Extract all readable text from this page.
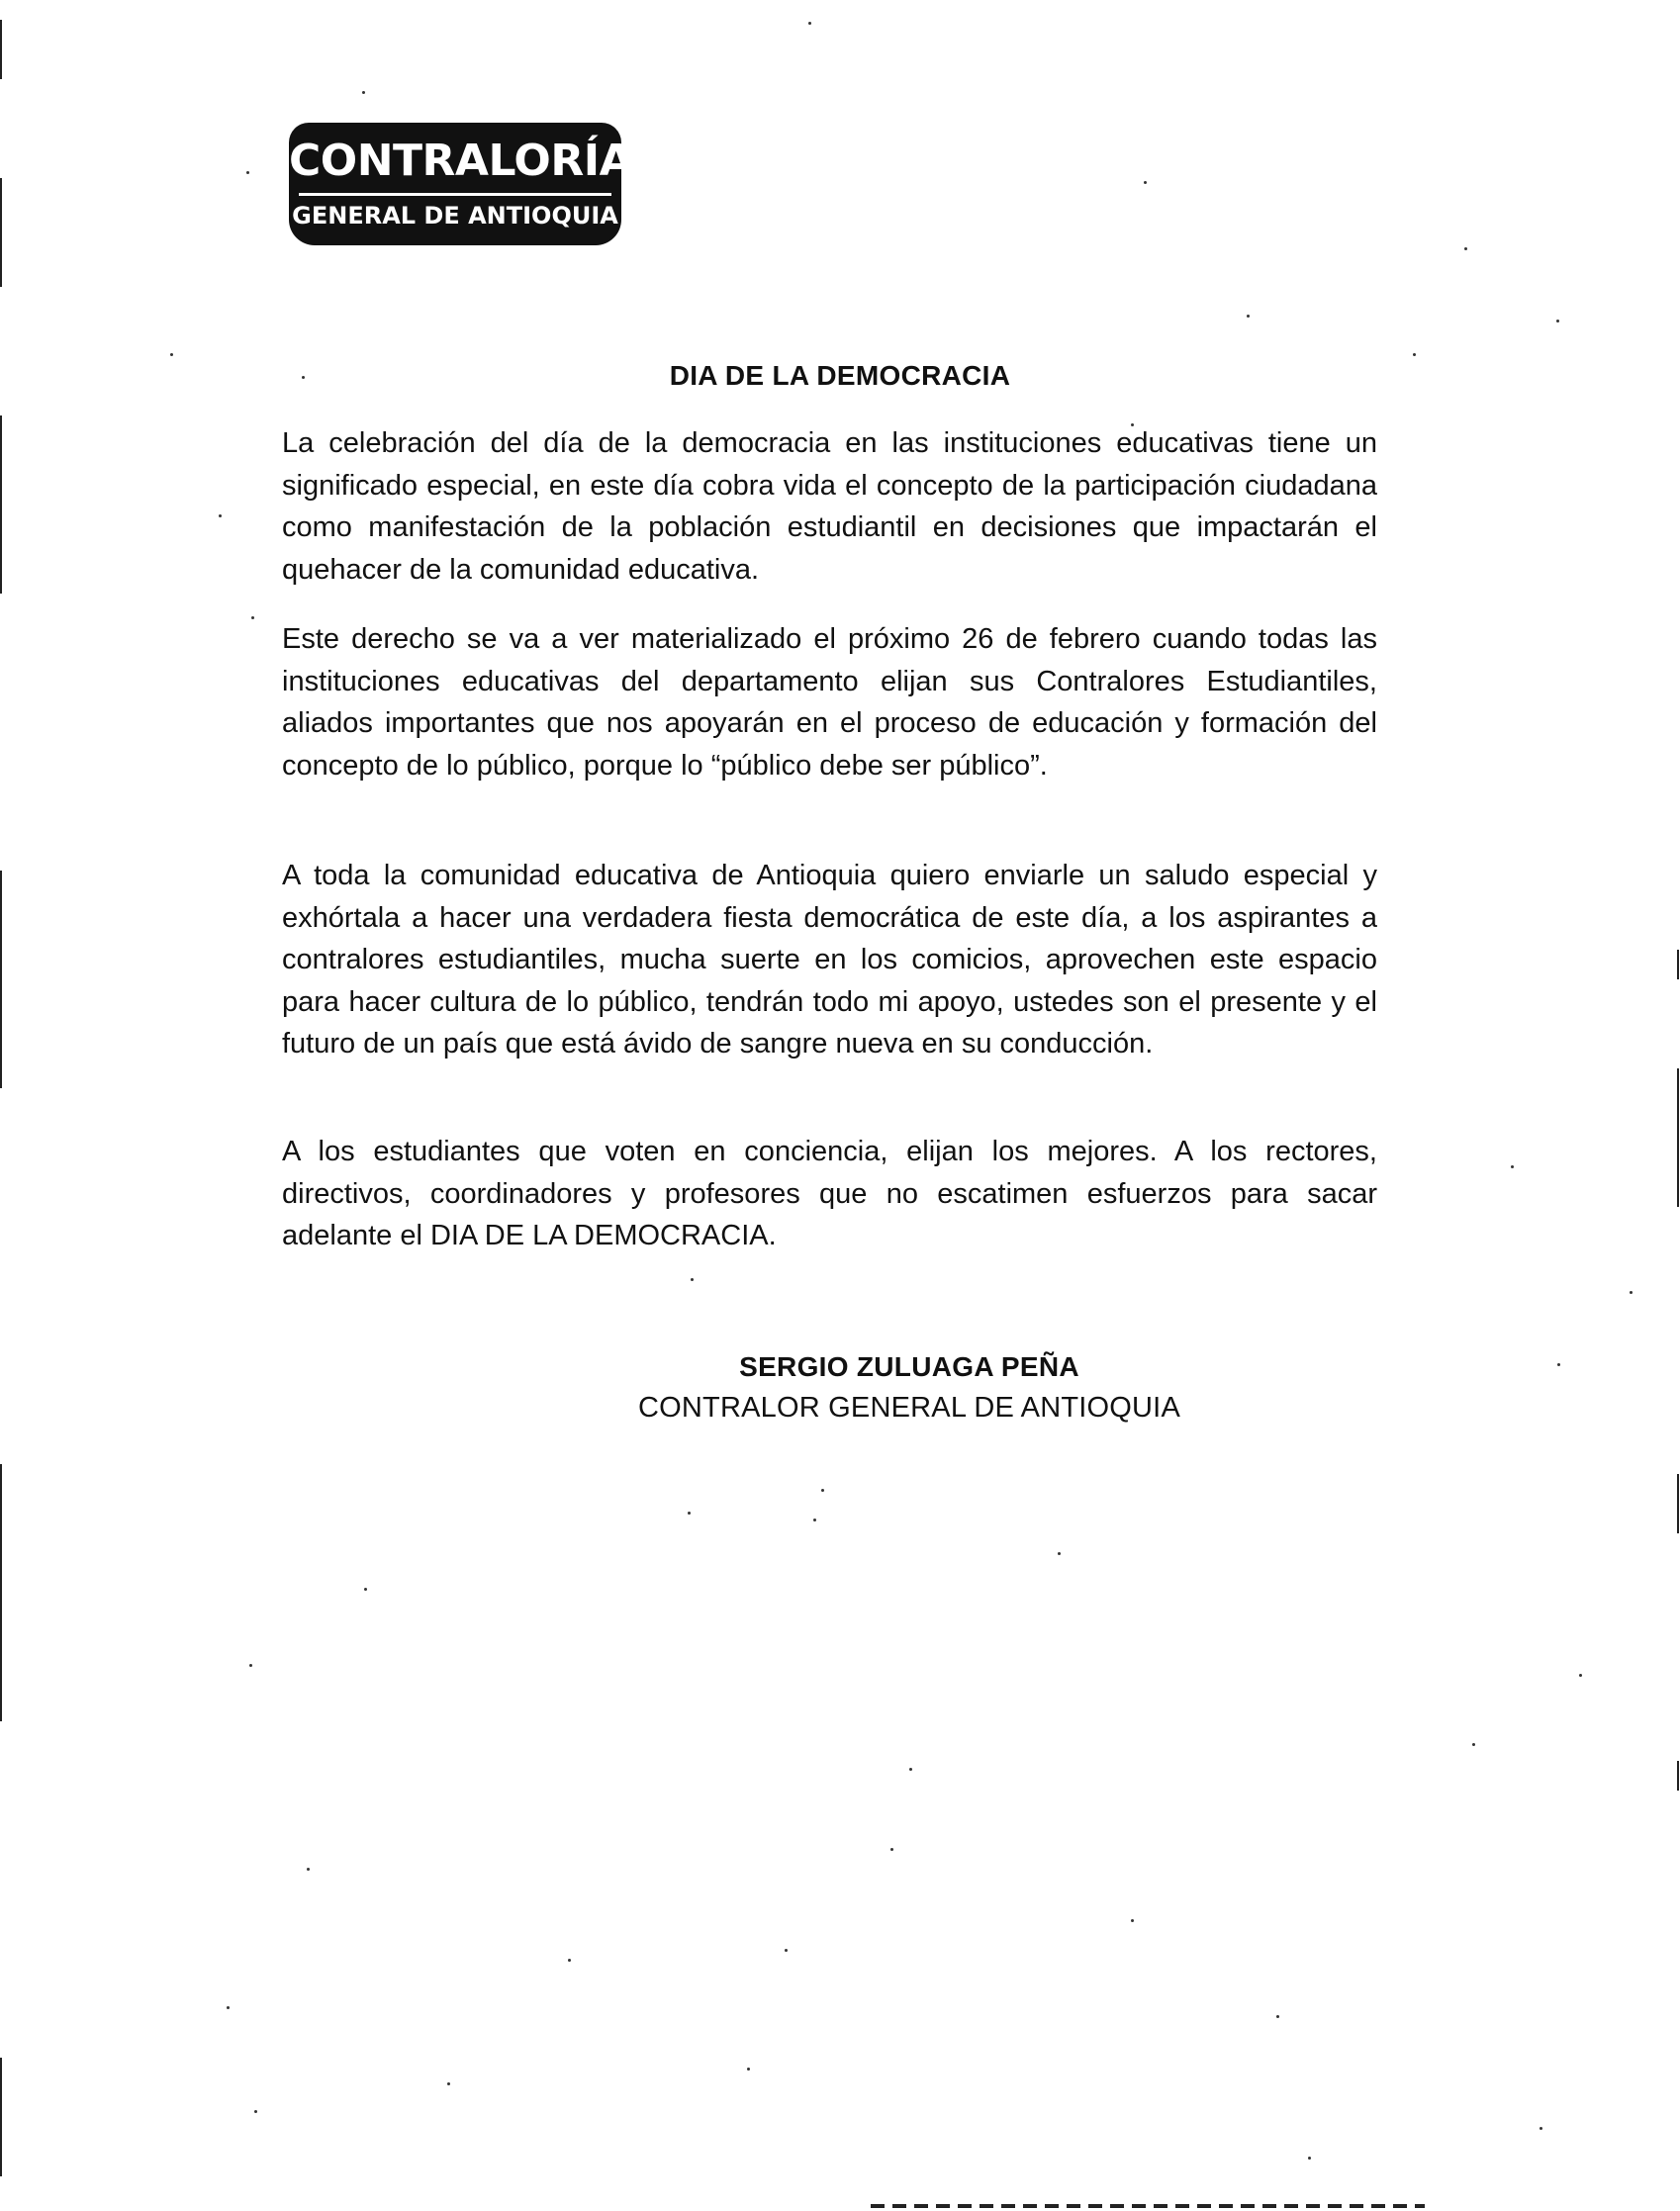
CONTRALORÍA
GENERAL DE ANTIOQUIA
DIA DE LA DEMOCRACIA

La celebración del día de la democracia en las instituciones educativas tiene un significado especial, en este día cobra vida el concepto de la participación ciudadana como manifestación de la población estudiantil en decisiones que impactarán el quehacer de la comunidad educativa.

Este derecho se va a ver materializado el próximo 26 de febrero cuando todas las instituciones educativas del departamento elijan sus Contralores Estudiantiles, aliados importantes que nos apoyarán en el proceso de educación y formación del concepto de lo público, porque lo “público debe ser público”.

A toda la comunidad educativa de Antioquia quiero enviarle un saludo especial y exhórtala a hacer una verdadera fiesta democrática de este día, a los aspirantes a contralores estudiantiles, mucha suerte en los comicios, aprovechen este espacio para hacer cultura de lo público, tendrán todo mi apoyo, ustedes son el presente y el futuro de un país que está ávido de sangre nueva en su conducción.

A los estudiantes que voten en conciencia, elijan los mejores. A los rectores, directivos, coordinadores y profesores que no escatimen esfuerzos para sacar adelante el DIA DE LA DEMOCRACIA.

SERGIO ZULUAGA PEÑA
CONTRALOR GENERAL DE ANTIOQUIA
